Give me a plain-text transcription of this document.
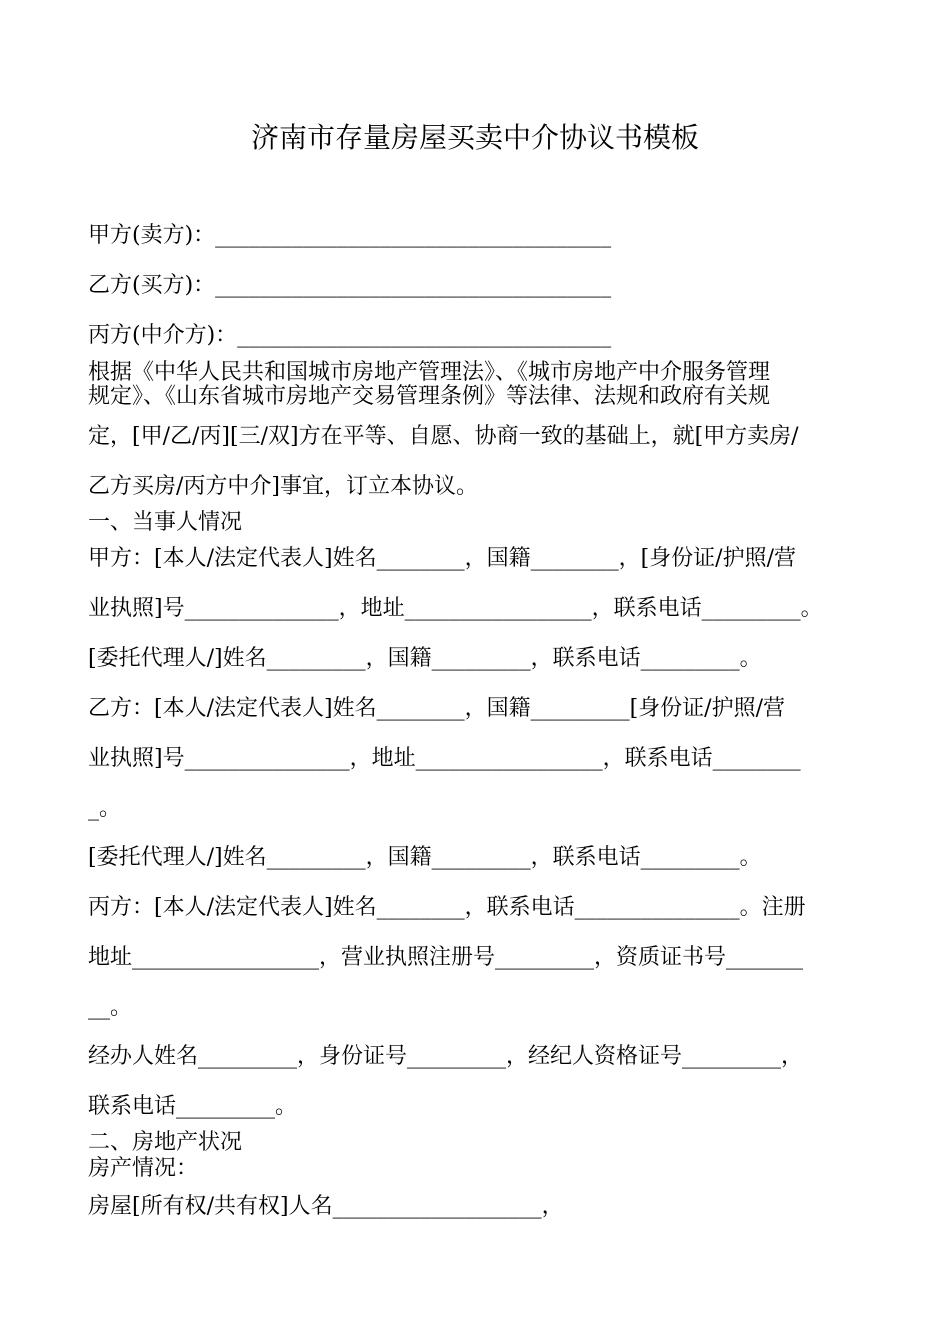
济南市存量房屋买卖中介协议书模板
甲方(卖方)：____________________________________
乙方(买方)：____________________________________
丙方(中介方)：__________________________________
根据《中华人民共和国城市房地产管理法》、《城市房地产中介服务管理
规定》、《山东省城市房地产交易管理条例》等法律、法规和政府有关规
定，[甲/乙/丙][三/双]方在平等、自愿、协商一致的基础上，就[甲方卖房/
乙方买房/丙方中介]事宜，订立本协议。
一、当事人情况
甲方：[本人/法定代表人]姓名________，国籍________，[身份证/护照/营
业执照]号______________，地址_________________，联系电话_________。
[委托代理人/]姓名_________，国籍_________，联系电话_________。
乙方：[本人/法定代表人]姓名________，国籍_________[身份证/护照/营
业执照]号_______________，地址_________________，联系电话________
_。
[委托代理人/]姓名_________，国籍_________，联系电话_________。
丙方：[本人/法定代表人]姓名________，联系电话_______________。注册
地址_________________，营业执照注册号_________，资质证书号_______
__。
经办人姓名_________，身份证号_________，经纪人资格证号_________，
联系电话_________。
二、房地产状况
房产情况：
房屋[所有权/共有权]人名___________________，
